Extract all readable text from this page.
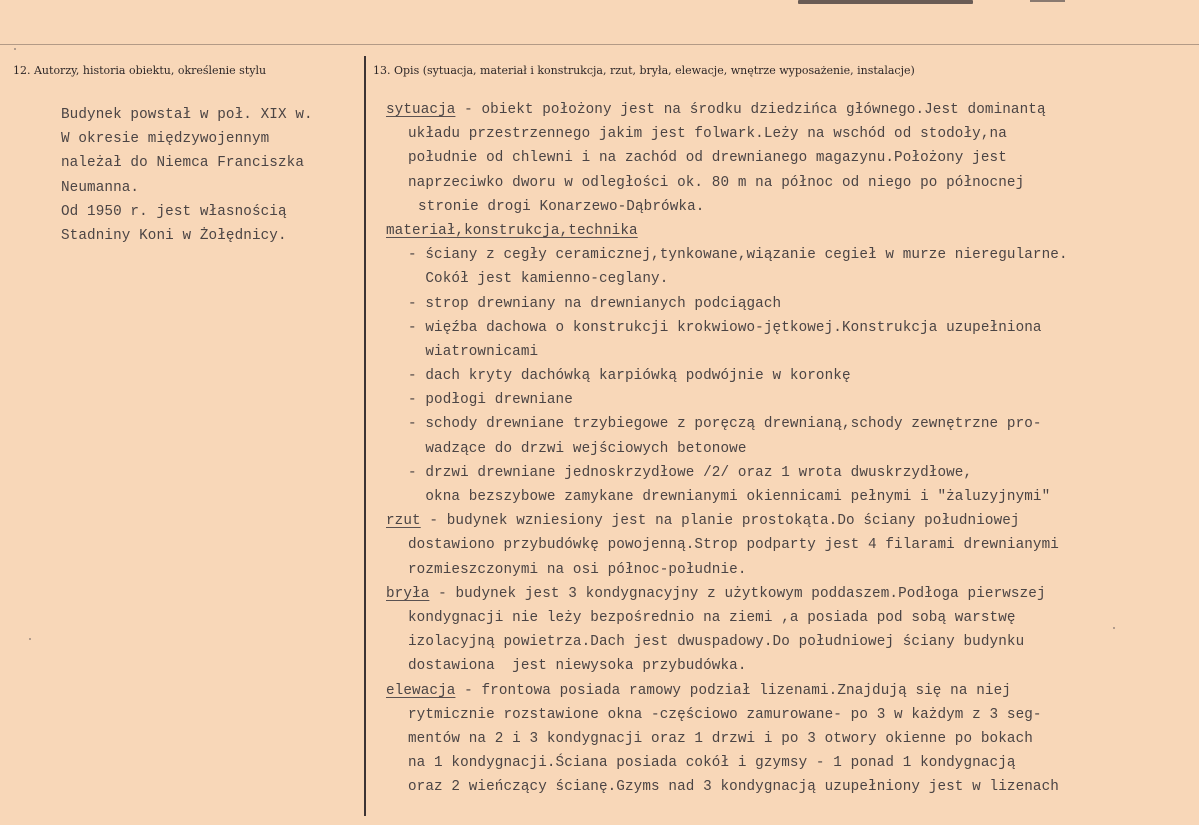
12. Autorzy, historia obiektu, określenie stylu	13. Opis (sytuacja, materiał i konstrukcja, rzut, bryła, elewacje, wnętrze wyposażenie, instalacje)
Budynek powstał w poł. XIX w.
W okresie międzywojennym
należał do Niemca Franciszka
Neumanna.
Od 1950 r. jest własnością
Stadniny Koni w Żołędnicy.
sytuacja - obiekt położony jest na środku dziedzińca głównego.Jest dominantą
układu przestrzennego jakim jest folwark.Leży na wschód od stodoły,na
południe od chlewni i na zachód od drewnianego magazynu.Położony jest
naprzeciwko dworu w odległości ok. 80 m na północ od niego po północnej
stronie drogi Konarzewo-Dąbrówka.
materiał,konstrukcja,technika
- ściany z cegły ceramicznej,tynkowane,wiązanie cegieł w murze nieregularne.
Cokół jest kamienno-ceglany.
- strop drewniany na drewnianych podciągach
- więźba dachowa o konstrukcji krokwiowo-jętkowej.Konstrukcja uzupełniona
wiatrownicami
- dach kryty dachówką karpiówką podwójnie w koronkę
- podłogi drewniane
- schody drewniane trzybiegowe z poręczą drewnianą,schody zewnętrzne pro-
wadzące do drzwi wejściowych betonowe
- drzwi drewniane jednoskrzydłowe /2/ oraz 1 wrota dwuskrzydłowe,
okna bezszybowe zamykane drewnianymi okiennicami pełnymi i "żaluzyjnymi"
rzut - budynek wzniesiony jest na planie prostokąta.Do ściany południowej
dostawiono przybudówkę powojenną.Strop podparty jest 4 filarami drewnianymi
rozmieszczonymi na osi północ-południe.
bryła - budynek jest 3 kondygnacyjny z użytkowym poddaszem.Podłoga pierwszej
kondygnacji nie leży bezpośrednio na ziemi ,a posiada pod sobą warstwę
izolacyjną powietrza.Dach jest dwuspadowy.Do południowej ściany budynku
dostawiona  jest niewysoka przybudówka.
elewacja - frontowa posiada ramowy podział lizenami.Znajdują się na niej
rytmicznie rozstawione okna -częściowo zamurowane- po 3 w każdym z 3 seg-
mentów na 2 i 3 kondygnacji oraz 1 drzwi i po 3 otwory okienne po bokach
na 1 kondygnacji.Ściana posiada cokół i gzymsy - 1 ponad 1 kondygnacją
oraz 2 wieńczący ścianę.Gzyms nad 3 kondygnacją uzupełniony jest w lizenach
